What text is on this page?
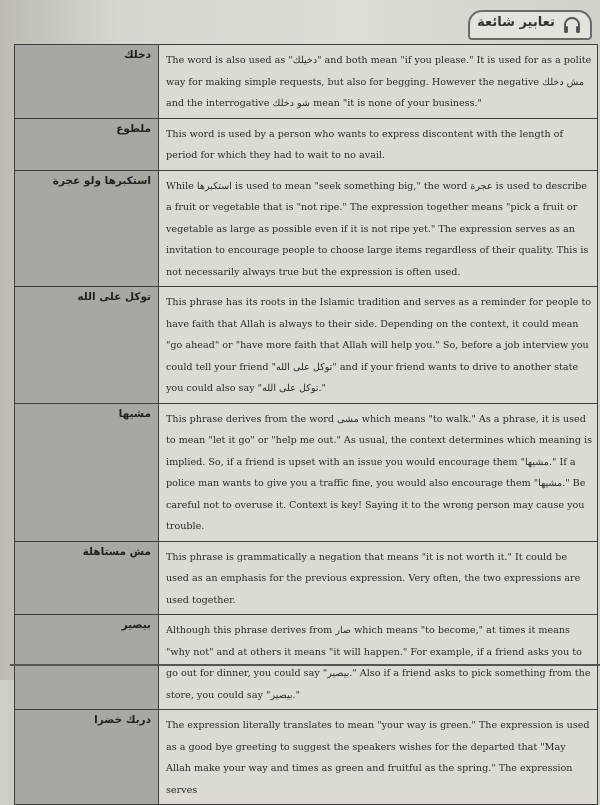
تعابير شائعة
دخلك	The word is also used as "دخيلك" and both mean "if you please." It is used for as a polite way for making simple requests, but also for begging. However the negative مش دخلك and the interrogative شو دخلك mean "it is none of your business."

ملطوع	This word is used by a person who wants to express discontent with the length of period for which they had to wait to no avail.

استكبرها ولو عجرة	While استكبرها is used to mean "seek something big," the word عجرة is used to describe a fruit or vegetable that is "not ripe." The expression together means "pick a fruit or vegetable as large as possible even if it is not ripe yet." The expression serves as an invitation to encourage people to choose large items regardless of their quality. This is not necessarily always true but the expression is often used.

توكل على الله	This phrase has its roots in the Islamic tradition and serves as a reminder for people to have faith that Allah is always to their side. Depending on the context, it could mean "go ahead" or "have more faith that Allah will help you." So, before a job interview you could tell your friend "توكل على الله" and if your friend wants to drive to another state you could also say "توكل على الله."

مشيها	This phrase derives from the word مشى which means "to walk." As a phrase, it is used to mean "let it go" or "help me out." As usual, the context determines which meaning is implied. So, if a friend is upset with an issue you would encourage them "مشيها." If a police man wants to give you a traffic fine, you would also encourage them "مشيها." Be careful not to overuse it. Context is key! Saying it to the wrong person may cause you trouble.

مش مستاهلة	This phrase is grammatically a negation that means "it is not worth it." It could be used as an emphasis for the previous expression. Very often, the two expressions are used together.

بيصير	Although this phrase derives from صار which means "to become," at times it means "why not" and at others it means "it will happen." For example, if a friend asks you to go out for dinner, you could say "بيصير." Also if a friend asks to pick something from the store, you could say "بيصير."

دربك خضرا	The expression literally translates to mean "your way is green." The expression is used as a good bye greeting to suggest the speakers wishes for the departed that "May Allah make your way and times as green and fruitful as the spring." The expression serves
